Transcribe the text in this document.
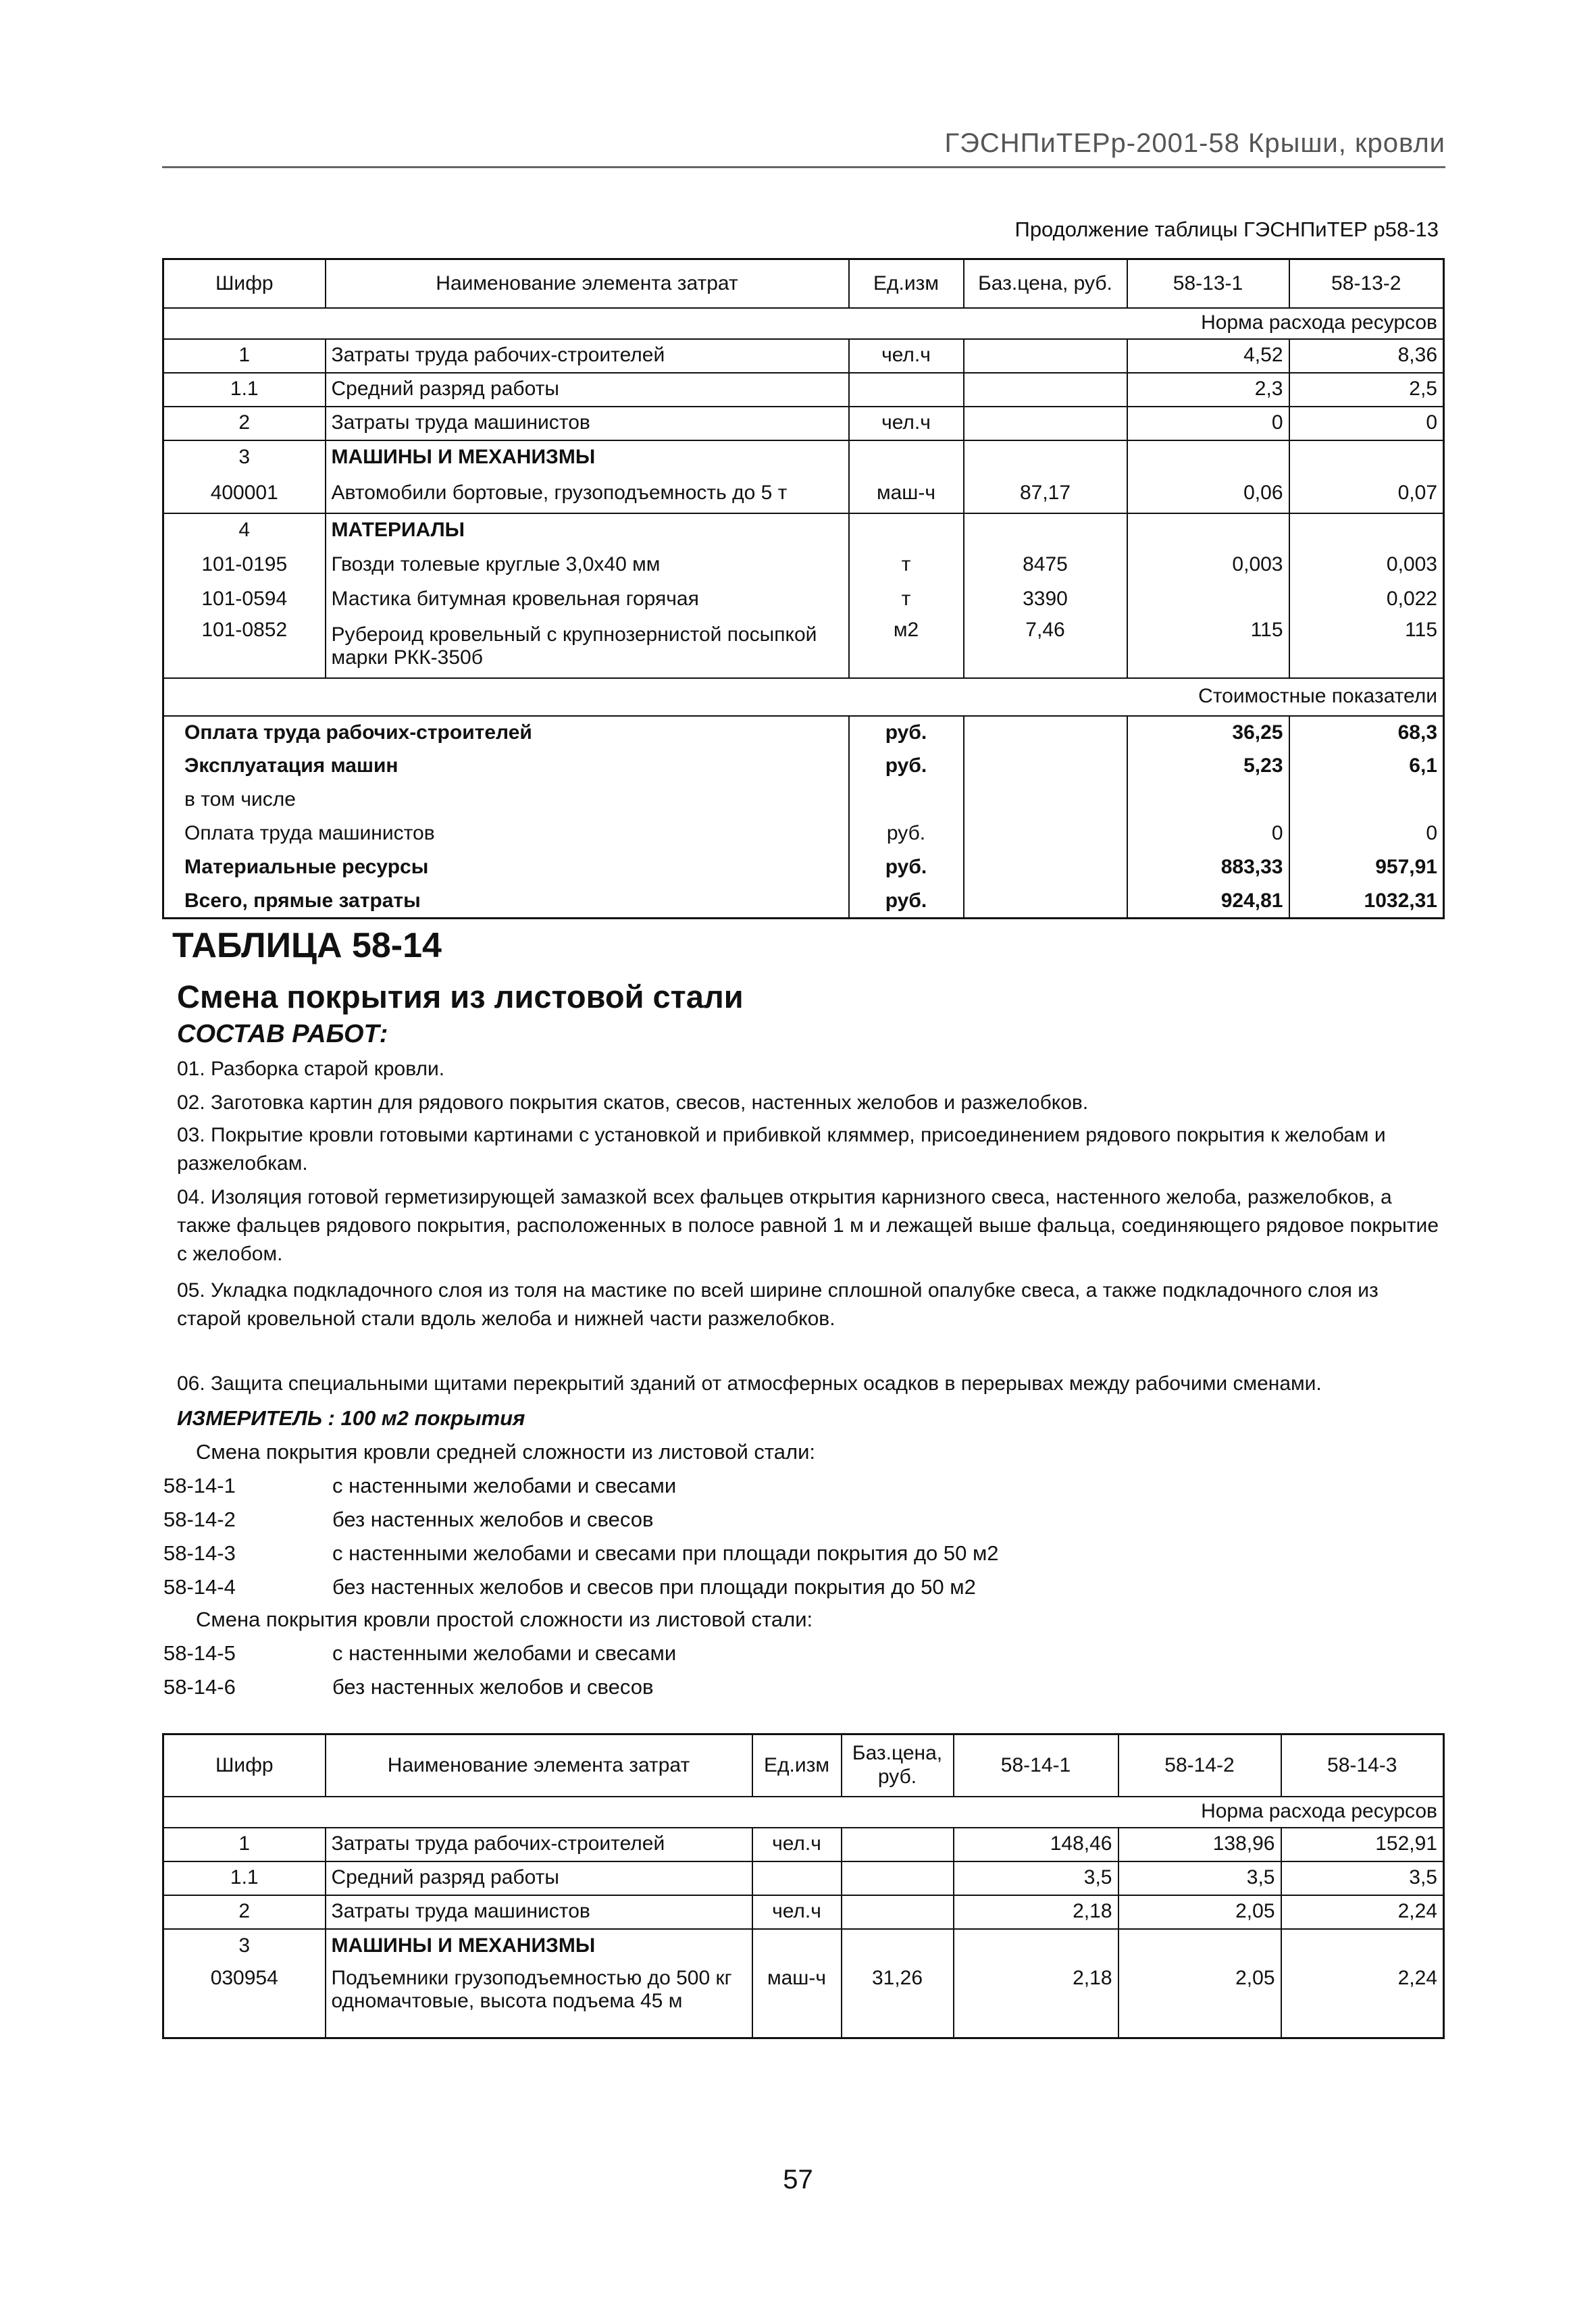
ГЭСНПиТЕРр-2001-58 Крыши, кровли
Продолжение таблицы ГЭСНПиТЕР р58-13
Шифр	Наименование элемента затрат	Ед.изм	Баз.цена, руб.	58-13-1	58-13-2
Норма расхода ресурсов					
1	Затраты труда рабочих-строителей	чел.ч		4,52	8,36
1.1	Средний разряд работы			2,3	2,5
2	Затраты труда машинистов	чел.ч		0	0
3	МАШИНЫ И МЕХАНИЗМЫ				
400001	Автомобили бортовые, грузоподъемность до 5 т	маш-ч	87,17	0,06	0,07
4	МАТЕРИАЛЫ				
101-0195	Гвозди толевые круглые 3,0х40 мм	т	8475	0,003	0,003
101-0594	Мастика битумная кровельная горячая	т	3390		0,022
101-0852	Рубероид кровельный с крупнозернистой посыпкой марки РКК-350б	м2	7,46	115	115
Стоимостные показатели					
Оплата труда рабочих-строителей		руб.		36,25	68,3
Эксплуатация машин		руб.		5,23	6,1
в том числе					
Оплата труда машинистов		руб.		0	0
Материальные ресурсы		руб.		883,33	957,91
Всего, прямые затраты		руб.		924,81	1032,31
ТАБЛИЦА 58-14
Смена покрытия из листовой стали
СОСТАВ РАБОТ:
01. Разборка старой кровли.
02. Заготовка картин для рядового покрытия скатов, свесов, настенных желобов и разжелобков.
03. Покрытие кровли готовыми картинами с установкой и прибивкой кляммер, присоединением рядового покрытия к желобам и разжелобкам.
04. Изоляция готовой герметизирующей замазкой всех фальцев открытия карнизного свеса, настенного желоба, разжелобков, а также фальцев рядового покрытия, расположенных в полосе равной 1 м и лежащей выше фальца, соединяющего рядовое покрытие с желобом.
05. Укладка подкладочного слоя из толя на мастике по всей ширине сплошной опалубке свеса, а также подкладочного слоя из старой кровельной стали вдоль желоба и нижней части разжелобков.
06. Защита специальными щитами перекрытий зданий от атмосферных осадков в перерывах между рабочими сменами.
ИЗМЕРИТЕЛЬ : 100 м2 покрытия
Смена покрытия кровли средней сложности из листовой стали:
58-14-1	с настенными желобами и свесами
58-14-2	без настенных желобов и свесов
58-14-3	с настенными желобами и свесами при площади покрытия до 50 м2
58-14-4	без настенных желобов и свесов при площади покрытия до 50 м2
Смена покрытия кровли простой сложности из листовой стали:
58-14-5	с настенными желобами и свесами
58-14-6	без настенных желобов и свесов
Шифр	Наименование элемента затрат	Ед.изм	Баз.цена, руб.	58-14-1	58-14-2	58-14-3
Норма расхода ресурсов						
1	Затраты труда рабочих-строителей	чел.ч		148,46	138,96	152,91
1.1	Средний разряд работы			3,5	3,5	3,5
2	Затраты труда машинистов	чел.ч		2,18	2,05	2,24
3	МАШИНЫ И МЕХАНИЗМЫ					
030954	Подъемники грузоподъемностью до 500 кг одномачтовые, высота подъема 45 м	маш-ч	31,26	2,18	2,05	2,24
57
